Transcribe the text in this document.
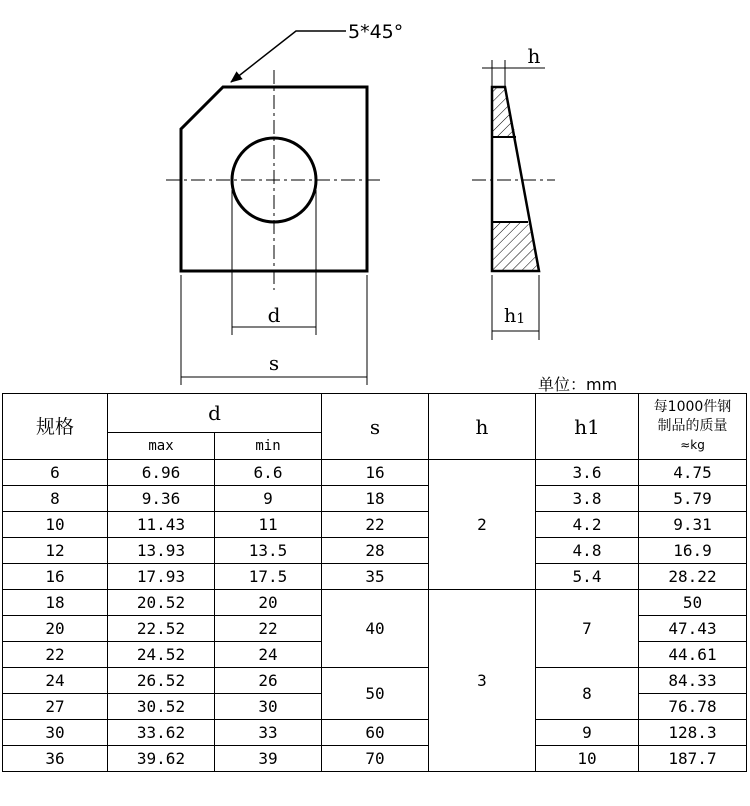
5*45°
d
s
h
h1
单位：mm
规格	d		s	h	h1	每1000件钢
制品的质量
≈kg

	max	min				
6	6.96	6.6	16	2	3.6	4.75
8	9.36	9	18		3.8	5.79
10	11.43	11	22		4.2	9.31
12	13.93	13.5	28		4.8	16.9
16	17.93	17.5	35		5.4	28.22
18	20.52	20	40	3	7	50
20	22.52	22				47.43
22	24.52	24				44.61
24	26.52	26	50		8	84.33
27	30.52	30				76.78
30	33.62	33	60		9	128.3
36	39.62	39	70		10	187.7
